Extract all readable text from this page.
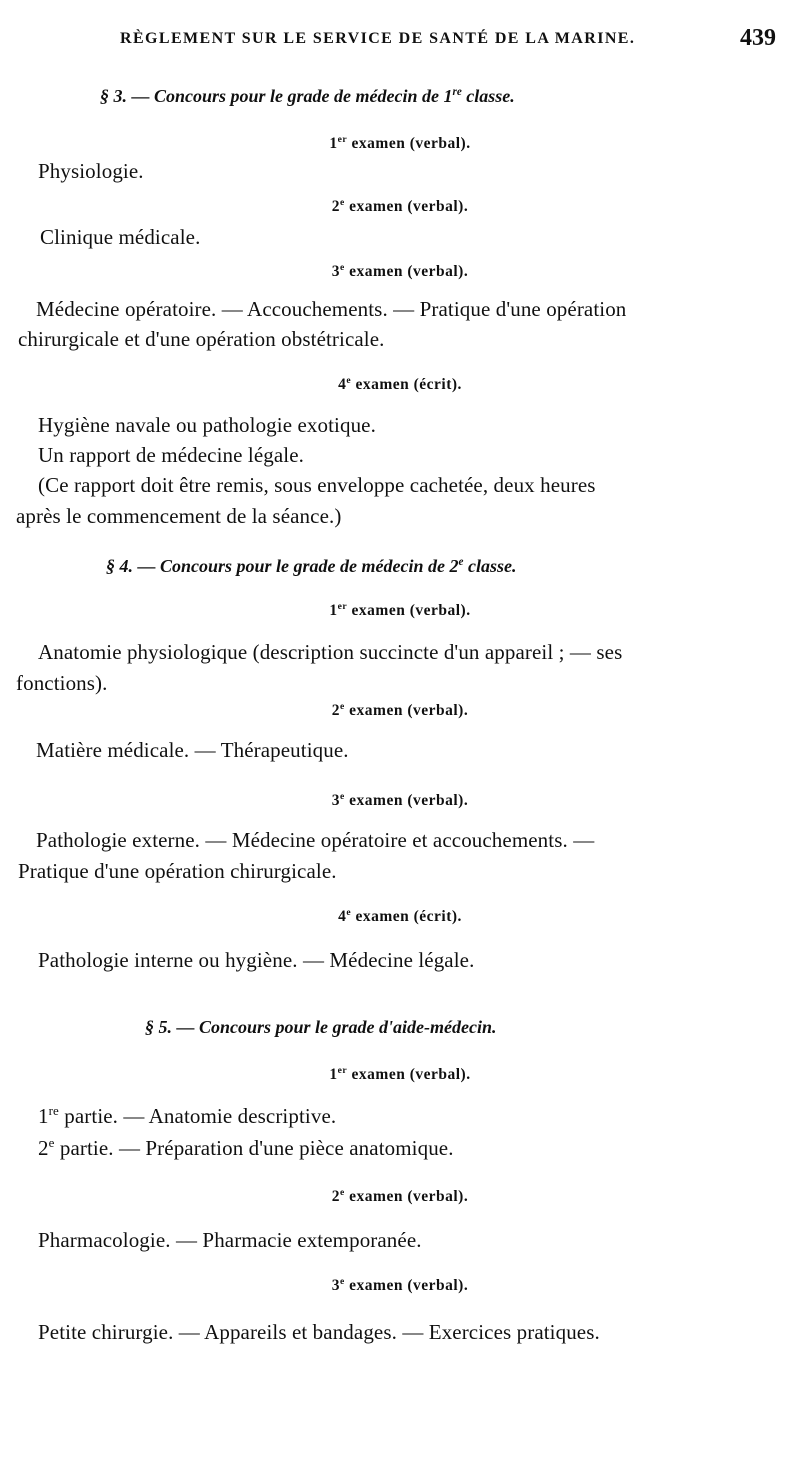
RÈGLEMENT SUR LE SERVICE DE SANTÉ DE LA MARINE.	439

§ 3. — Concours pour le grade de médecin de 1re classe.

1er examen (verbal).

Physiologie.

2e examen (verbal).

Clinique médicale.

3e examen (verbal).

Médecine opératoire. — Accouchements. — Pratique d'une opération

chirurgicale et d'une opération obstétricale.

4e examen (écrit).

Hygiène navale ou pathologie exotique.

Un rapport de médecine légale.

(Ce rapport doit être remis, sous enveloppe cachetée, deux heures

après le commencement de la séance.)

§ 4. — Concours pour le grade de médecin de 2e classe.

1er examen (verbal).

Anatomie physiologique (description succincte d'un appareil ; — ses

fonctions).

2e examen (verbal).

Matière médicale. — Thérapeutique.

3e examen (verbal).

Pathologie externe. — Médecine opératoire et accouchements. —

Pratique d'une opération chirurgicale.

4e examen (écrit).

Pathologie interne ou hygiène. — Médecine légale.

§ 5. — Concours pour le grade d'aide-médecin.

1er examen (verbal).

1re partie. — Anatomie descriptive.

2e partie. — Préparation d'une pièce anatomique.

2e examen (verbal).

Pharmacologie. — Pharmacie extemporanée.

3e examen (verbal).

Petite chirurgie. — Appareils et bandages. — Exercices pratiques.
